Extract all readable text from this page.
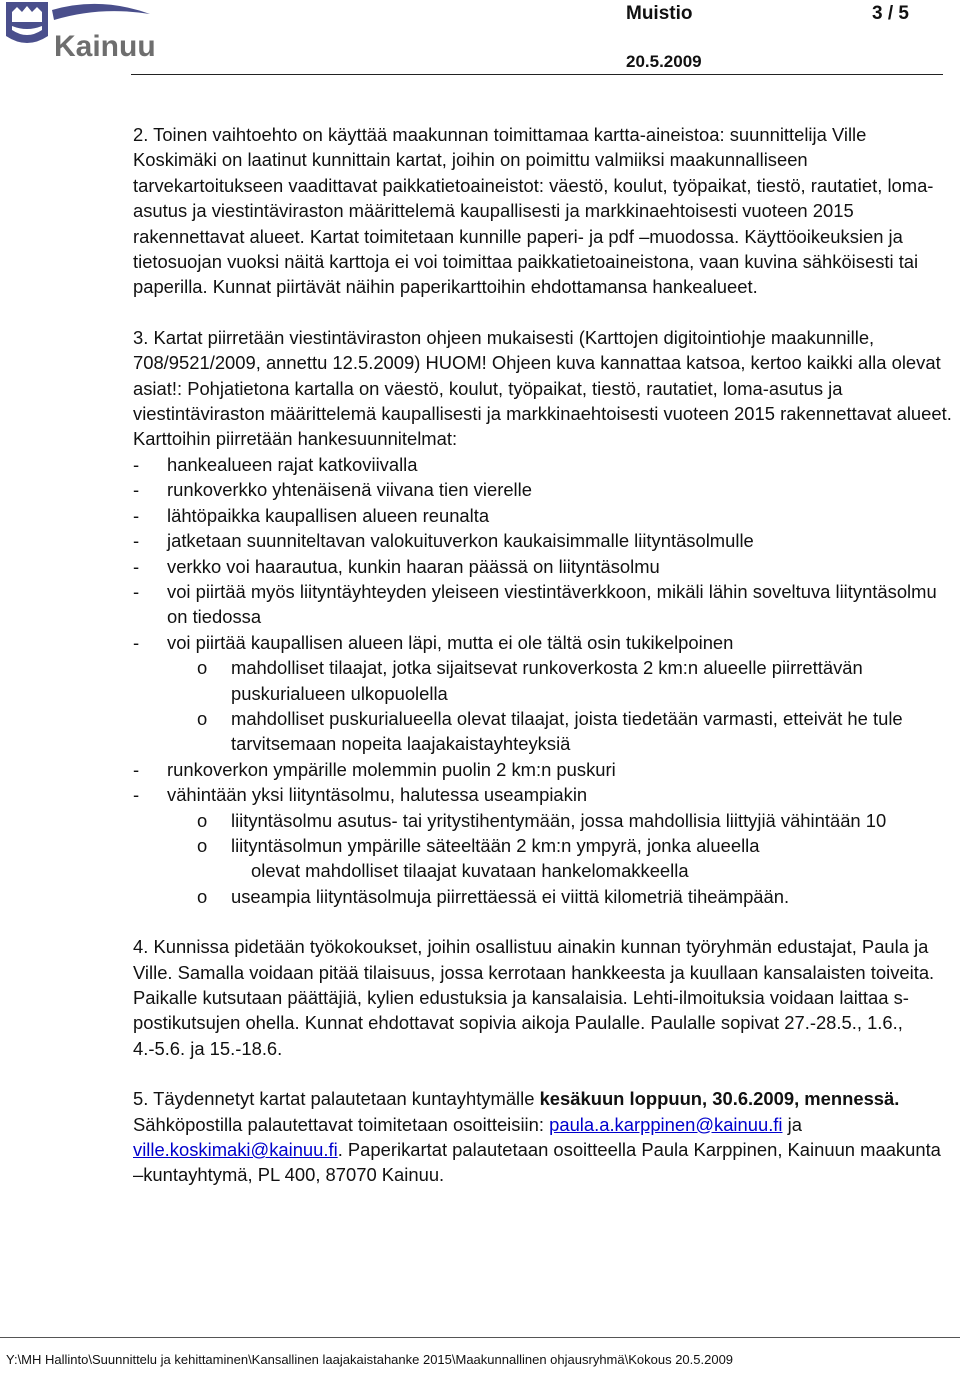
Kainuu
Muistio	3 / 5
20.5.2009

2. Toinen vaihtoehto on käyttää maakunnan toimittamaa kartta-aineistoa: suunnittelija Ville Koskimäki on laatinut kunnittain kartat, joihin on poimittu valmiiksi maakunnalliseen tarvekartoitukseen vaadittavat paikkatietoaineistot: väestö, koulut, työpaikat, tiestö, rautatiet, loma-asutus ja viestintäviraston määrittelemä kaupallisesti ja markkinaehtoisesti vuoteen 2015 rakennettavat alueet. Kartat toimitetaan kunnille paperi- ja pdf –muodossa. Käyttöoikeuksien ja tietosuojan vuoksi näitä karttoja ei voi toimittaa paikkatietoaineistona, vaan kuvina sähköisesti tai paperilla. Kunnat piirtävät näihin paperikarttoihin ehdottamansa hankealueet.

3. Kartat piirretään viestintäviraston ohjeen mukaisesti (Karttojen digitointiohje maakunnille, 708/9521/2009, annettu 12.5.2009) HUOM! Ohjeen kuva kannattaa katsoa, kertoo kaikki alla olevat asiat!: Pohjatietona kartalla on väestö, koulut, työpaikat, tiestö, rautatiet, loma-asutus ja viestintäviraston määrittelemä kaupallisesti ja markkinaehtoisesti vuoteen 2015 rakennettavat alueet. Karttoihin piirretään hankesuunnitelmat:

- hankealueen rajat katkoviivalla
- runkoverkko yhtenäisenä viivana tien vierelle
- lähtöpaikka kaupallisen alueen reunalta
- jatketaan suunniteltavan valokuituverkon kaukaisimmalle liityntäsolmulle
- verkko voi haarautua, kunkin haaran päässä on liityntäsolmu
- voi piirtää myös liityntäyhteyden yleiseen viestintäverkkoon, mikäli lähin soveltuva liityntäsolmu on tiedossa
- voi piirtää kaupallisen alueen läpi, mutta ei ole tältä osin tukikelpoinen
o mahdolliset tilaajat, jotka sijaitsevat runkoverkosta 2 km:n alueelle piirrettävän puskurialueen ulkopuolella
o mahdolliset puskurialueella olevat tilaajat, joista tiedetään varmasti, etteivät he tule tarvitsemaan nopeita laajakaistayhteyksiä
- runkoverkon ympärille molemmin puolin 2 km:n puskuri
- vähintään yksi liityntäsolmu, halutessa useampiakin
o liityntäsolmu asutus- tai yritystihentymään, jossa mahdollisia liittyjiä vähintään 10
o liityntäsolmun ympärille säteeltään 2 km:n ympyrä, jonka alueella
olevat mahdolliset tilaajat kuvataan hankelomakkeella
o useampia liityntäsolmuja piirrettäessä ei viittä kilometriä tiheämpään.

4. Kunnissa pidetään työkokoukset, joihin osallistuu ainakin kunnan työryhmän edustajat, Paula ja Ville. Samalla voidaan pitää tilaisuus, jossa kerrotaan hankkeesta ja kuullaan kansalaisten toiveita. Paikalle kutsutaan päättäjiä, kylien edustuksia ja kansalaisia. Lehti-ilmoituksia voidaan laittaa s-postikutsujen ohella. Kunnat ehdottavat sopivia aikoja Paulalle. Paulalle sopivat 27.-28.5., 1.6., 4.-5.6. ja 15.-18.6.

5. Täydennetyt kartat palautetaan kuntayhtymälle kesäkuun loppuun, 30.6.2009, mennessä. Sähköpostilla palautettavat toimitetaan osoitteisiin: paula.a.karppinen@kainuu.fi ja ville.koskimaki@kainuu.fi. Paperikartat palautetaan osoitteella Paula Karppinen, Kainuun maakunta –kuntayhtymä, PL 400, 87070 Kainuu.

Y:\MH Hallinto\Suunnittelu ja kehittaminen\Kansallinen laajakaistahanke 2015\Maakunnallinen ohjausryhmä\Kokous 20.5.2009
